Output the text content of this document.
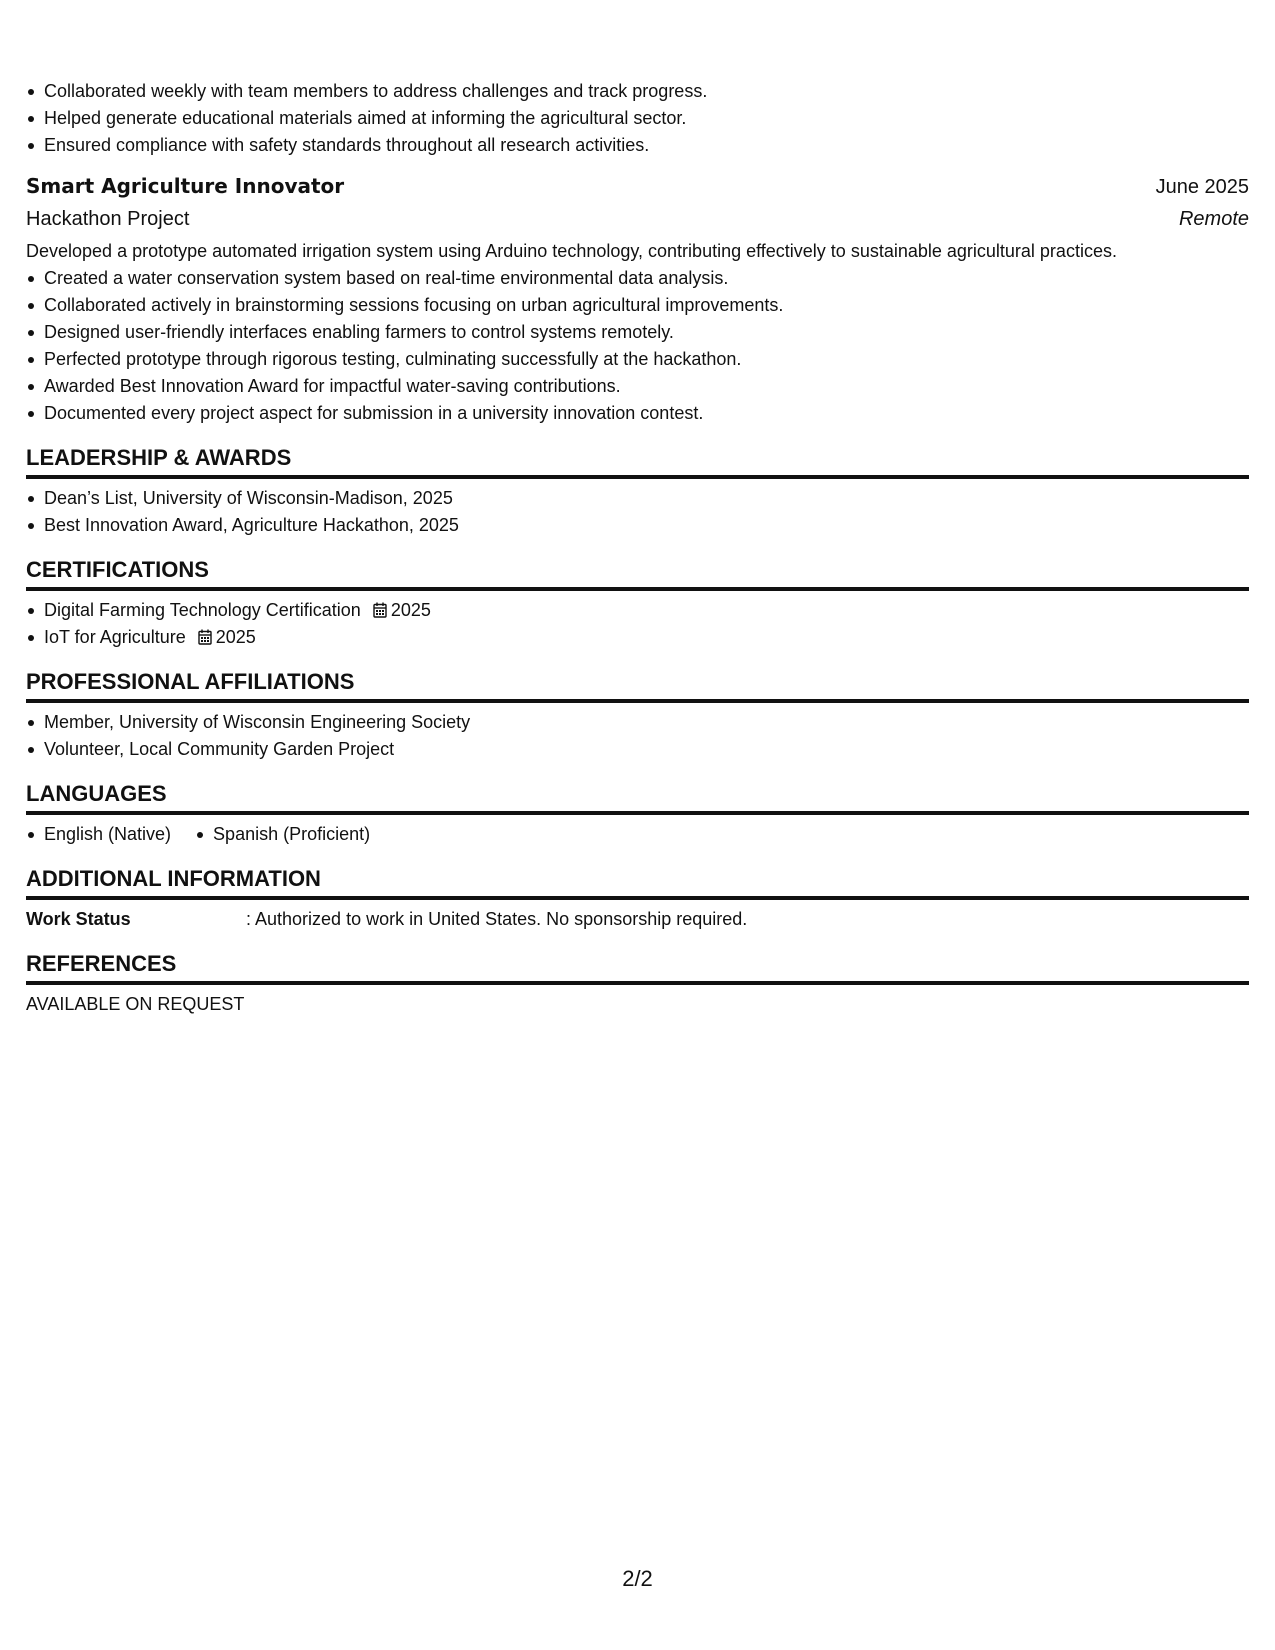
Collaborated weekly with team members to address challenges and track progress.
Helped generate educational materials aimed at informing the agricultural sector.
Ensured compliance with safety standards throughout all research activities.
Smart Agriculture Innovator	June 2025
Hackathon Project	Remote
Developed a prototype automated irrigation system using Arduino technology, contributing effectively to sustainable agricultural practices.
Created a water conservation system based on real-time environmental data analysis.
Collaborated actively in brainstorming sessions focusing on urban agricultural improvements.
Designed user-friendly interfaces enabling farmers to control systems remotely.
Perfected prototype through rigorous testing, culminating successfully at the hackathon.
Awarded Best Innovation Award for impactful water-saving contributions.
Documented every project aspect for submission in a university innovation contest.
LEADERSHIP & AWARDS
Dean’s List, University of Wisconsin-Madison, 2025
Best Innovation Award, Agriculture Hackathon, 2025
CERTIFICATIONS
Digital Farming Technology Certification 2025
IoT for Agriculture 2025
PROFESSIONAL AFFILIATIONS
Member, University of Wisconsin Engineering Society
Volunteer, Local Community Garden Project
LANGUAGES
English (Native)	Spanish (Proficient)
ADDITIONAL INFORMATION
Work Status	: Authorized to work in United States. No sponsorship required.
REFERENCES
AVAILABLE ON REQUEST
2/2
